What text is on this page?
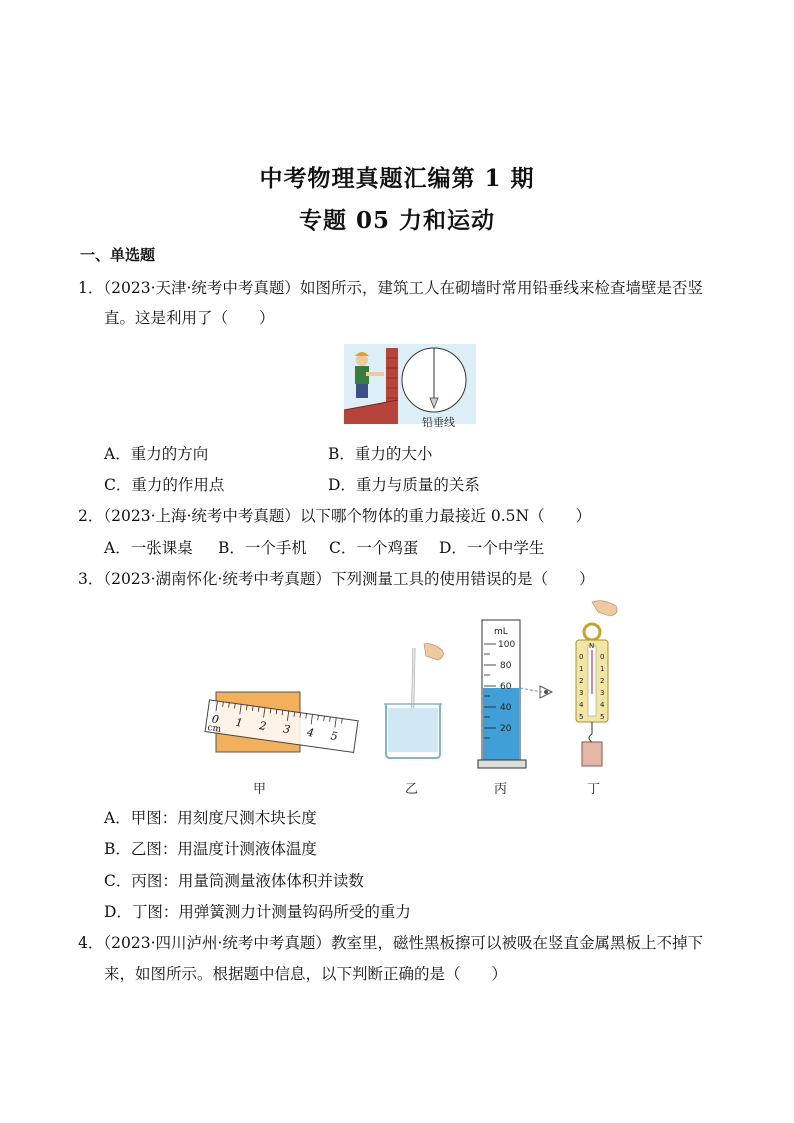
中考物理真题汇编第 1 期
专题 05 力和运动
一、单选题
1．（2023·天津·统考中考真题）如图所示，建筑工人在砌墙时常用铅垂线来检查墙壁是否竖
直。这是利用了（　　）
铅垂线
A．重力的方向	B．重力的大小
C．重力的作用点	D．重力与质量的关系
2．（2023·上海·统考中考真题）以下哪个物体的重力最接近 0.5N（　　）
A．一张课桌 B．一个手机 C．一个鸡蛋 D．一个中学生
3．（2023·湖南怀化·统考中考真题）下列测量工具的使用错误的是（　　）
0 1 2 3 4 5
cm
mL
100
80
60
40
20
N
0
1
2
3
4
5
0
1
2
3
4
5
甲	乙	丙	丁
A．甲图：用刻度尺测木块长度
B．乙图：用温度计测液体温度
C．丙图：用量筒测量液体体积并读数
D．丁图：用弹簧测力计测量钩码所受的重力
4．（2023·四川泸州·统考中考真题）教室里，磁性黑板擦可以被吸在竖直金属黑板上不掉下
来，如图所示。根据题中信息，以下判断正确的是（　　）
